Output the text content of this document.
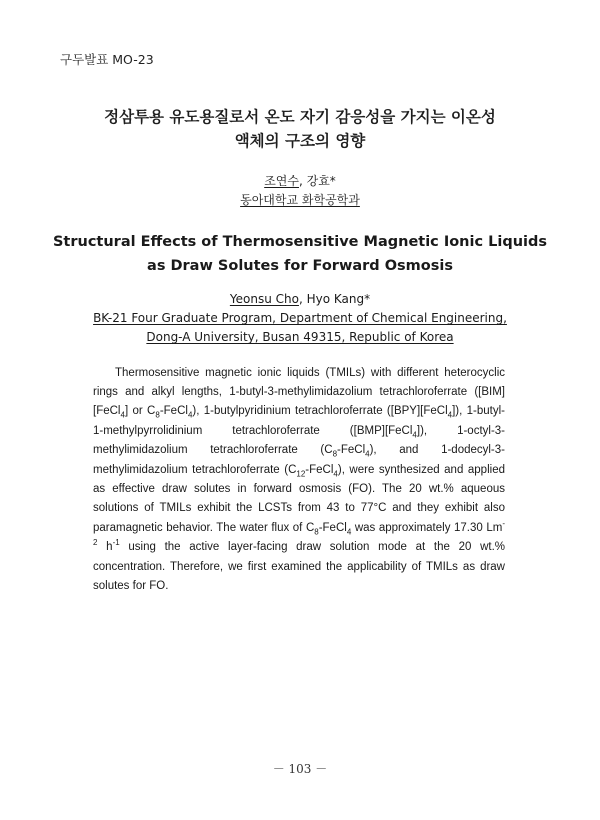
구두발표 MO-23
정삼투용 유도용질로서 온도 자기 감응성을 가지는 이온성
액체의 구조의 영향
조연수, 강효*
동아대학교 화학공학과
Structural Effects of Thermosensitive Magnetic Ionic Liquids
as Draw Solutes for Forward Osmosis
Yeonsu Cho, Hyo Kang*
BK-21 Four Graduate Program, Department of Chemical Engineering, Dong-A University, Busan 49315, Republic of Korea

Thermosensitive magnetic ionic liquids (TMILs) with different heterocyclic rings and alkyl lengths, 1-butyl-3-methylimidazolium tetrachloroferrate ([BIM][FeCl$_4$] or $C_8-FeCl_4$), 1-butylpyridinium tetrachloroferrate ([BPY][FeCl$_4$]), 1-butyl-1-methylpyrrolidinium tetrachloroferrate ([BMP][FeCl$_4$]), 1-octyl-3-methylimidazolium tetrachloroferrate $(C_8-FeCl_4)$, and 1-dodecyl-3-methylimidazolium tetrachloroferrate $(C_{12}-FeCl_4)$, were synthesized and applied as effective draw solutes in forward osmosis (FO). The 20 wt.% aqueous solutions of TMILs exhibit the LCSTs from 43 to 77°C and they exhibit also paramagnetic behavior. The water flux of $C_8-FeCl_4$ was approximately 17.30 $Lm^{-2}$ $h^{-1}$ using the active layer-facing draw solution mode at the 20 wt.% concentration. Therefore, we first examined the applicability of TMILs as draw solutes for FO.

－ 103 －
